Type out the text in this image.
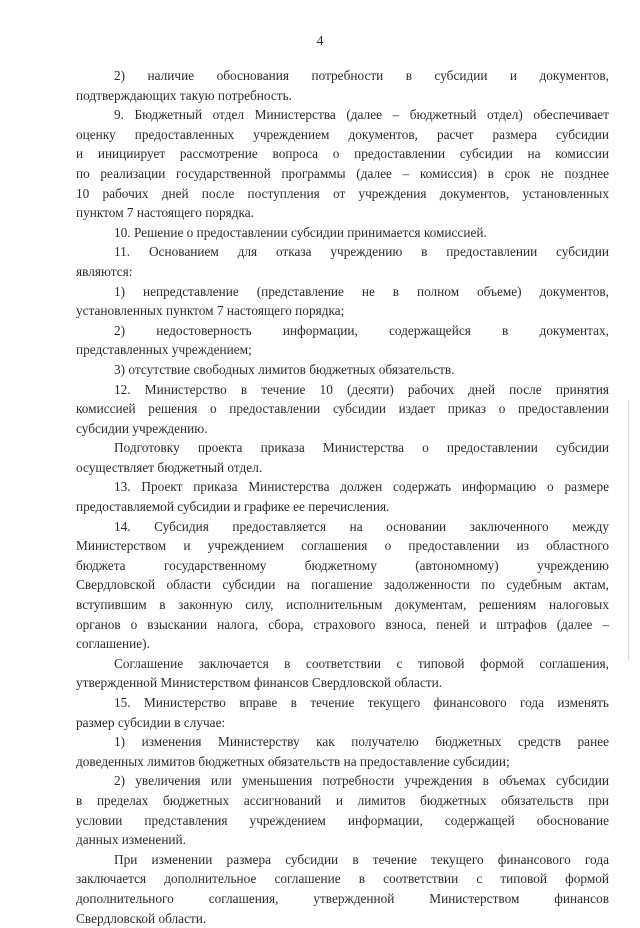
4
2) наличие обоснования потребности в субсидии и документов,
подтверждающих такую потребность.
9. Бюджетный отдел Министерства (далее – бюджетный отдел) обеспечивает
оценку предоставленных учреждением документов, расчет размера субсидии
и инициирует рассмотрение вопроса о предоставлении субсидии на комиссии
по реализации государственной программы (далее – комиссия) в срок не позднее
10 рабочих дней после поступления от учреждения документов, установленных
пунктом 7 настоящего порядка.
10. Решение о предоставлении субсидии принимается комиссией.
11. Основанием для отказа учреждению в предоставлении субсидии
являются:
1) непредставление (представление не в полном объеме) документов,
установленных пунктом 7 настоящего порядка;
2) недостоверность информации, содержащейся в документах,
представленных учреждением;
3) отсутствие свободных лимитов бюджетных обязательств.
12. Министерство в течение 10 (десяти) рабочих дней после принятия
комиссией решения о предоставлении субсидии издает приказ о предоставлении
субсидии учреждению.
Подготовку проекта приказа Министерства о предоставлении субсидии
осуществляет бюджетный отдел.
13. Проект приказа Министерства должен содержать информацию о размере
предоставляемой субсидии и графике ее перечисления.
14. Субсидия предоставляется на основании заключенного между
Министерством и учреждением соглашения о предоставлении из областного
бюджета государственному бюджетному (автономному) учреждению
Свердловской области субсидии на погашение задолженности по судебным актам,
вступившим в законную силу, исполнительным документам, решениям налоговых
органов о взыскании налога, сбора, страхового взноса, пеней и штрафов (далее –
соглашение).
Соглашение заключается в соответствии с типовой формой соглашения,
утвержденной Министерством финансов Свердловской области.
15. Министерство вправе в течение текущего финансового года изменять
размер субсидии в случае:
1) изменения Министерству как получателю бюджетных средств ранее
доведенных лимитов бюджетных обязательств на предоставление субсидии;
2) увеличения или уменьшения потребности учреждения в объемах субсидии
в пределах бюджетных ассигнований и лимитов бюджетных обязательств при
условии представления учреждением информации, содержащей обоснование
данных изменений.
При изменении размера субсидии в течение текущего финансового года
заключается дополнительное соглашение в соответствии с типовой формой
дополнительного соглашения, утвержденной Министерством финансов
Свердловской области.
